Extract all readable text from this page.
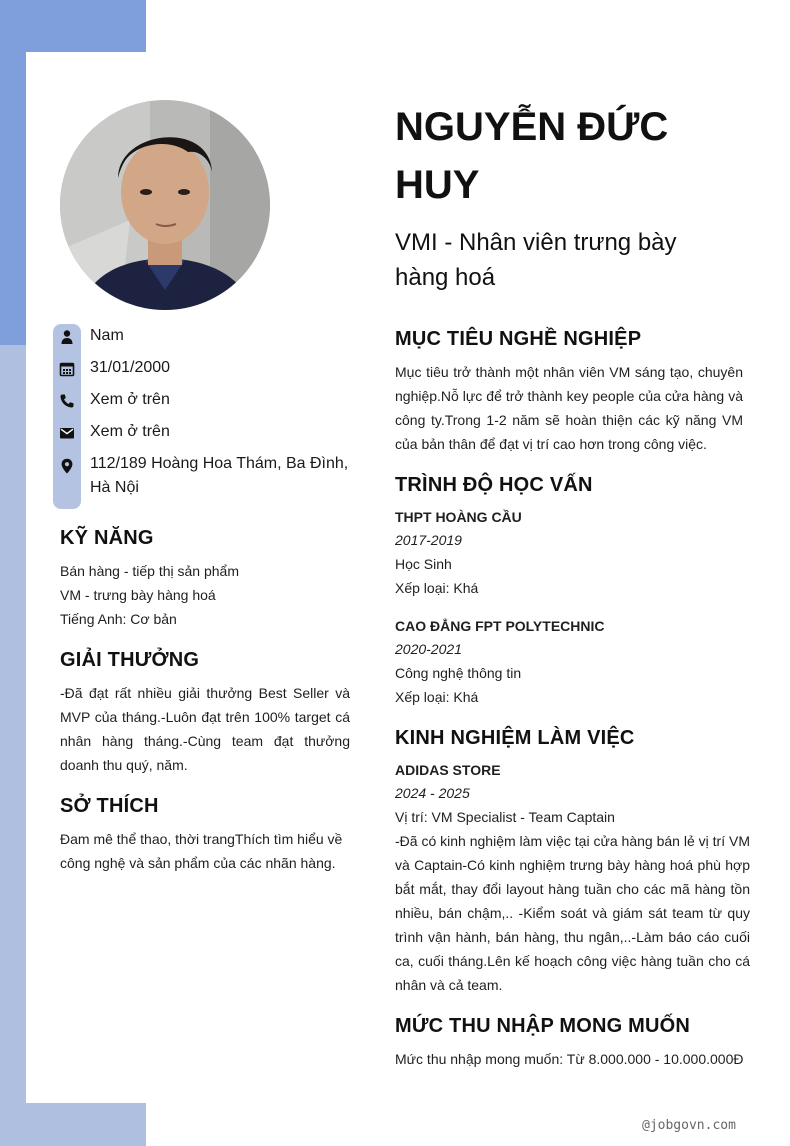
Nam
31/01/2000
Xem ở trên
Xem ở trên
112/189 Hoàng Hoa Thám, Ba Đình, Hà Nội
KỸ NĂNG
Bán hàng - tiếp thị sản phẩm
VM - trưng bày hàng hoá
Tiếng Anh: Cơ bản
GIẢI THƯỞNG
-Đã đạt rất nhiều giải thưởng Best Seller và MVP của tháng.-Luôn đạt trên 100% target cá nhân hàng tháng.-Cùng team đạt thưởng doanh thu quý, năm.
SỞ THÍCH
Đam mê thể thao, thời trangThích tìm hiểu về công nghệ và sản phẩm của các nhãn hàng.
NGUYỄN ĐỨC HUY
VMI - Nhân viên trưng bày hàng hoá
MỤC TIÊU NGHỀ NGHIỆP
Mục tiêu trở thành một nhân viên VM sáng tạo, chuyên nghiệp.Nỗ lực để trở thành key people của cửa hàng và công ty.Trong 1-2 năm sẽ hoàn thiện các kỹ năng VM của bản thân để đạt vị trí cao hơn trong công việc.
TRÌNH ĐỘ HỌC VẤN
THPT HOÀNG CẦU
2017-2019
Học Sinh
Xếp loại: Khá
CAO ĐẲNG FPT POLYTECHNIC
2020-2021
Công nghệ thông tin
Xếp loại: Khá
KINH NGHIỆM LÀM VIỆC
ADIDAS STORE
2024 - 2025
Vị trí: VM Specialist - Team Captain
-Đã có kinh nghiệm làm việc tại cửa hàng bán lẻ vị trí VM và Captain-Có kinh nghiệm trưng bày hàng hoá phù hợp bắt mắt, thay đổi layout hàng tuần cho các mã hàng tồn nhiều, bán chậm,.. -Kiểm soát và giám sát team từ quy trình vận hành, bán hàng, thu ngân,..-Làm báo cáo cuối ca, cuối tháng.Lên kế hoạch công việc hàng tuần cho cá nhân và cả team.
MỨC THU NHẬP MONG MUỐN
Mức thu nhập mong muốn: Từ 8.000.000 - 10.000.000Đ
@jobgovn.com
